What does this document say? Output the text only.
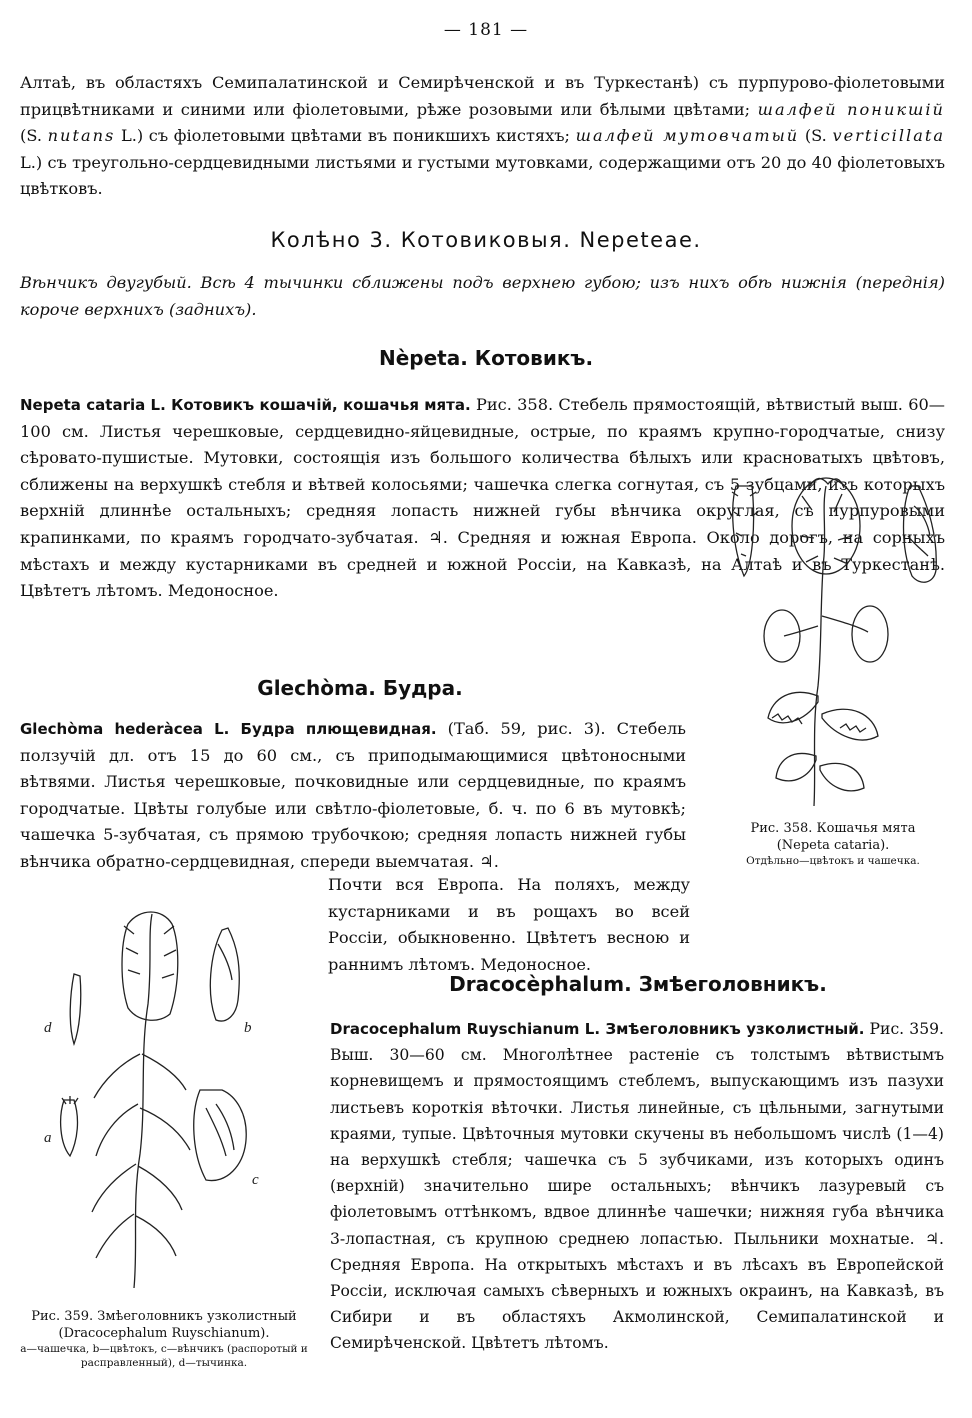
— 181 —
Алтаѣ, въ областяхъ Семипалатинской и Семирѣченской и въ Туркестанѣ) съ пурпурово-фіолетовыми прицвѣтниками и синими или фіолетовыми, рѣже розовыми или бѣлыми цвѣтами; шалфей поникшій (S. nutans L.) съ фіолетовыми цвѣтами въ поникшихъ кистяхъ; шалфей мутовчатый (S. verticillata L.) съ треугольно-сердцевидными листьями и густыми мутовками, содержащими отъ 20 до 40 фіолетовыхъ цвѣтковъ.
Колѣно 3. Котовиковыя. Nepeteae.
Вѣнчикъ двугубый. Всѣ 4 тычинки сближены подъ верхнею губою; изъ нихъ обѣ нижнія (переднія) короче верхнихъ (заднихъ).
Nèpeta. Котовикъ.
Nepeta cataria L. Котовикъ кошачій, кошачья мята. Рис. 358. Стебель прямостоящій, вѣтвистый выш. 60—100 см. Листья черешковые, сердцевидно-яйцевидные, острые, по краямъ крупно-городчатые, снизу сѣровато-пушистые. Мутовки, состоящія изъ большого количества бѣлыхъ или красноватыхъ цвѣтовъ, сближены на верхушкѣ стебля и вѣтвей колосьями; чашечка слегка согнутая, съ 5 зубцами, изъ которыхъ верхній длиннѣе остальныхъ; средняя лопасть нижней губы вѣнчика округлая, съ пурпуровыми крапинками, по краямъ городчато-зубчатая. ♃. Средняя и южная Европа. Около дорогъ, на сорныхъ мѣстахъ и между кустарниками въ средней и южной Россіи, на Кавказѣ, на Алтаѣ и въ Туркестанѣ. Цвѣтетъ лѣтомъ. Медоносное.
Рис. 358. Кошачья мята
(Nepeta cataria).
Отдѣльно—цвѣтокъ и чашечка.
Glechòma. Будра.
Glechòma hederàcea L. Будра плющевидная. (Таб. 59, рис. 3). Стебель ползучій дл. отъ 15 до 60 см., съ приподымающимися цвѣтоносными вѣтвями. Листья черешковые, почковидные или сердцевидные, по краямъ городчатые. Цвѣты голубые или свѣтло-фіолетовые, б. ч. по 6 въ мутовкѣ; чашечка 5-зубчатая, съ прямою трубочкою; средняя лопасть нижней губы вѣнчика обратно-сердцевидная, спереди выемчатая. ♃.
Почти вся Европа. На поляхъ, между кустарниками и въ рощахъ во всей Россіи, обыкновенно. Цвѣтетъ весною и раннимъ лѣтомъ. Медоносное.
d
a
b
c
Рис. 359. Змѣеголовникъ узколистный
(Dracocephalum Ruyschianum).
a—чашечка, b—цвѣтокъ, c—вѣнчикъ (распоротый и расправленный), d—тычинка.
Dracocèphalum. Змѣеголовникъ.
Dracocephalum Ruyschianum L. Змѣеголовникъ узколистный. Рис. 359. Выш. 30—60 см. Многолѣтнее растеніе съ толстымъ вѣтвистымъ корневищемъ и прямостоящимъ стеблемъ, выпускающимъ изъ пазухи листьевъ короткія вѣточки. Листья линейные, съ цѣльными, загнутыми краями, тупые. Цвѣточныя мутовки скучены въ небольшомъ числѣ (1—4) на верхушкѣ стебля; чашечка съ 5 зубчиками, изъ которыхъ одинъ (верхній) значительно шире остальныхъ; вѣнчикъ лазуревый съ фіолетовымъ оттѣнкомъ, вдвое длиннѣе чашечки; нижняя губа вѣнчика 3-лопастная, съ крупною среднею лопастью. Пыльники мохнатые. ♃. Средняя Европа. На открытыхъ мѣстахъ и въ лѣсахъ въ Европейской Россіи, исключая самыхъ сѣверныхъ и южныхъ окраинъ, на Кавказѣ, въ Сибири и въ областяхъ Акмолинской, Семипалатинской и Семирѣченской. Цвѣтетъ лѣтомъ.
